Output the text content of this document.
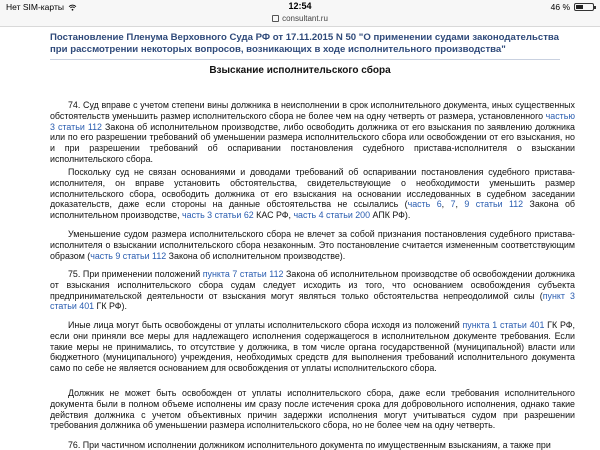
Нет SIM-карты	12:54	46 %
consultant.ru
Постановление Пленума Верховного Суда РФ от 17.11.2015 N 50 "О применении судами законодательства при рассмотрении некоторых вопросов, возникающих в ходе исполнительного производства"
Взыскание исполнительского сбора

74. Суд вправе с учетом степени вины должника в неисполнении в срок исполнительного документа, иных существенных обстоятельств уменьшить размер исполнительского сбора не более чем на одну четверть от размера, установленного частью 3 статьи 112 Закона об исполнительном производстве, либо освободить должника от его взыскания по заявлению должника или по его разрешении требований об уменьшении размера исполнительского сбора или освобождении от его взыскания, но и при разрешении требований об оспаривании постановления судебного пристава-исполнителя о взыскании исполнительского сбора.

Поскольку суд не связан основаниями и доводами требований об оспаривании постановления судебного пристава-исполнителя, он вправе установить обстоятельства, свидетельствующие о необходимости уменьшить размер исполнительского сбора, освободить должника от его взыскания на основании исследованных в судебном заседании доказательств, даже если стороны на данные обстоятельства не ссылались (часть 6, 7, 9 статьи 112 Закона об исполнительном производстве, часть 3 статьи 62 КАС РФ, часть 4 статьи 200 АПК РФ).

Уменьшение судом размера исполнительского сбора не влечет за собой признания постановления судебного пристава-исполнителя о взыскании исполнительского сбора незаконным. Это постановление считается измененным соответствующим образом (часть 9 статьи 112 Закона об исполнительном производстве).

75. При применении положений пункта 7 статьи 112 Закона об исполнительном производстве об освобождении должника от взыскания исполнительского сбора судам следует исходить из того, что основанием освобождения субъекта предпринимательской деятельности от взыскания могут являться только обстоятельства непреодолимой силы (пункт 3 статьи 401 ГК РФ).

Иные лица могут быть освобождены от уплаты исполнительского сбора исходя из положений пункта 1 статьи 401 ГК РФ, если они приняли все меры для надлежащего исполнения содержащегося в исполнительном документе требования. Если такие меры не принимались, то отсутствие у должника, в том числе органа государственной (муниципальной) власти или бюджетного (муниципального) учреждения, необходимых средств для выполнения требований исполнительного документа само по себе не является основанием для освобождения от уплаты исполнительского сбора.

Должник не может быть освобожден от уплаты исполнительского сбора, даже если требования исполнительного документа были в полном объеме исполнены им сразу после истечения срока для добровольного исполнения, однако такие действия должника с учетом объективных причин задержки исполнения могут учитываться судом при разрешении требования должника об уменьшении размера исполнительского сбора, но не более чем на одну четверть.

76. При частичном исполнении должником исполнительного документа по имущественным взысканиям, а также при
